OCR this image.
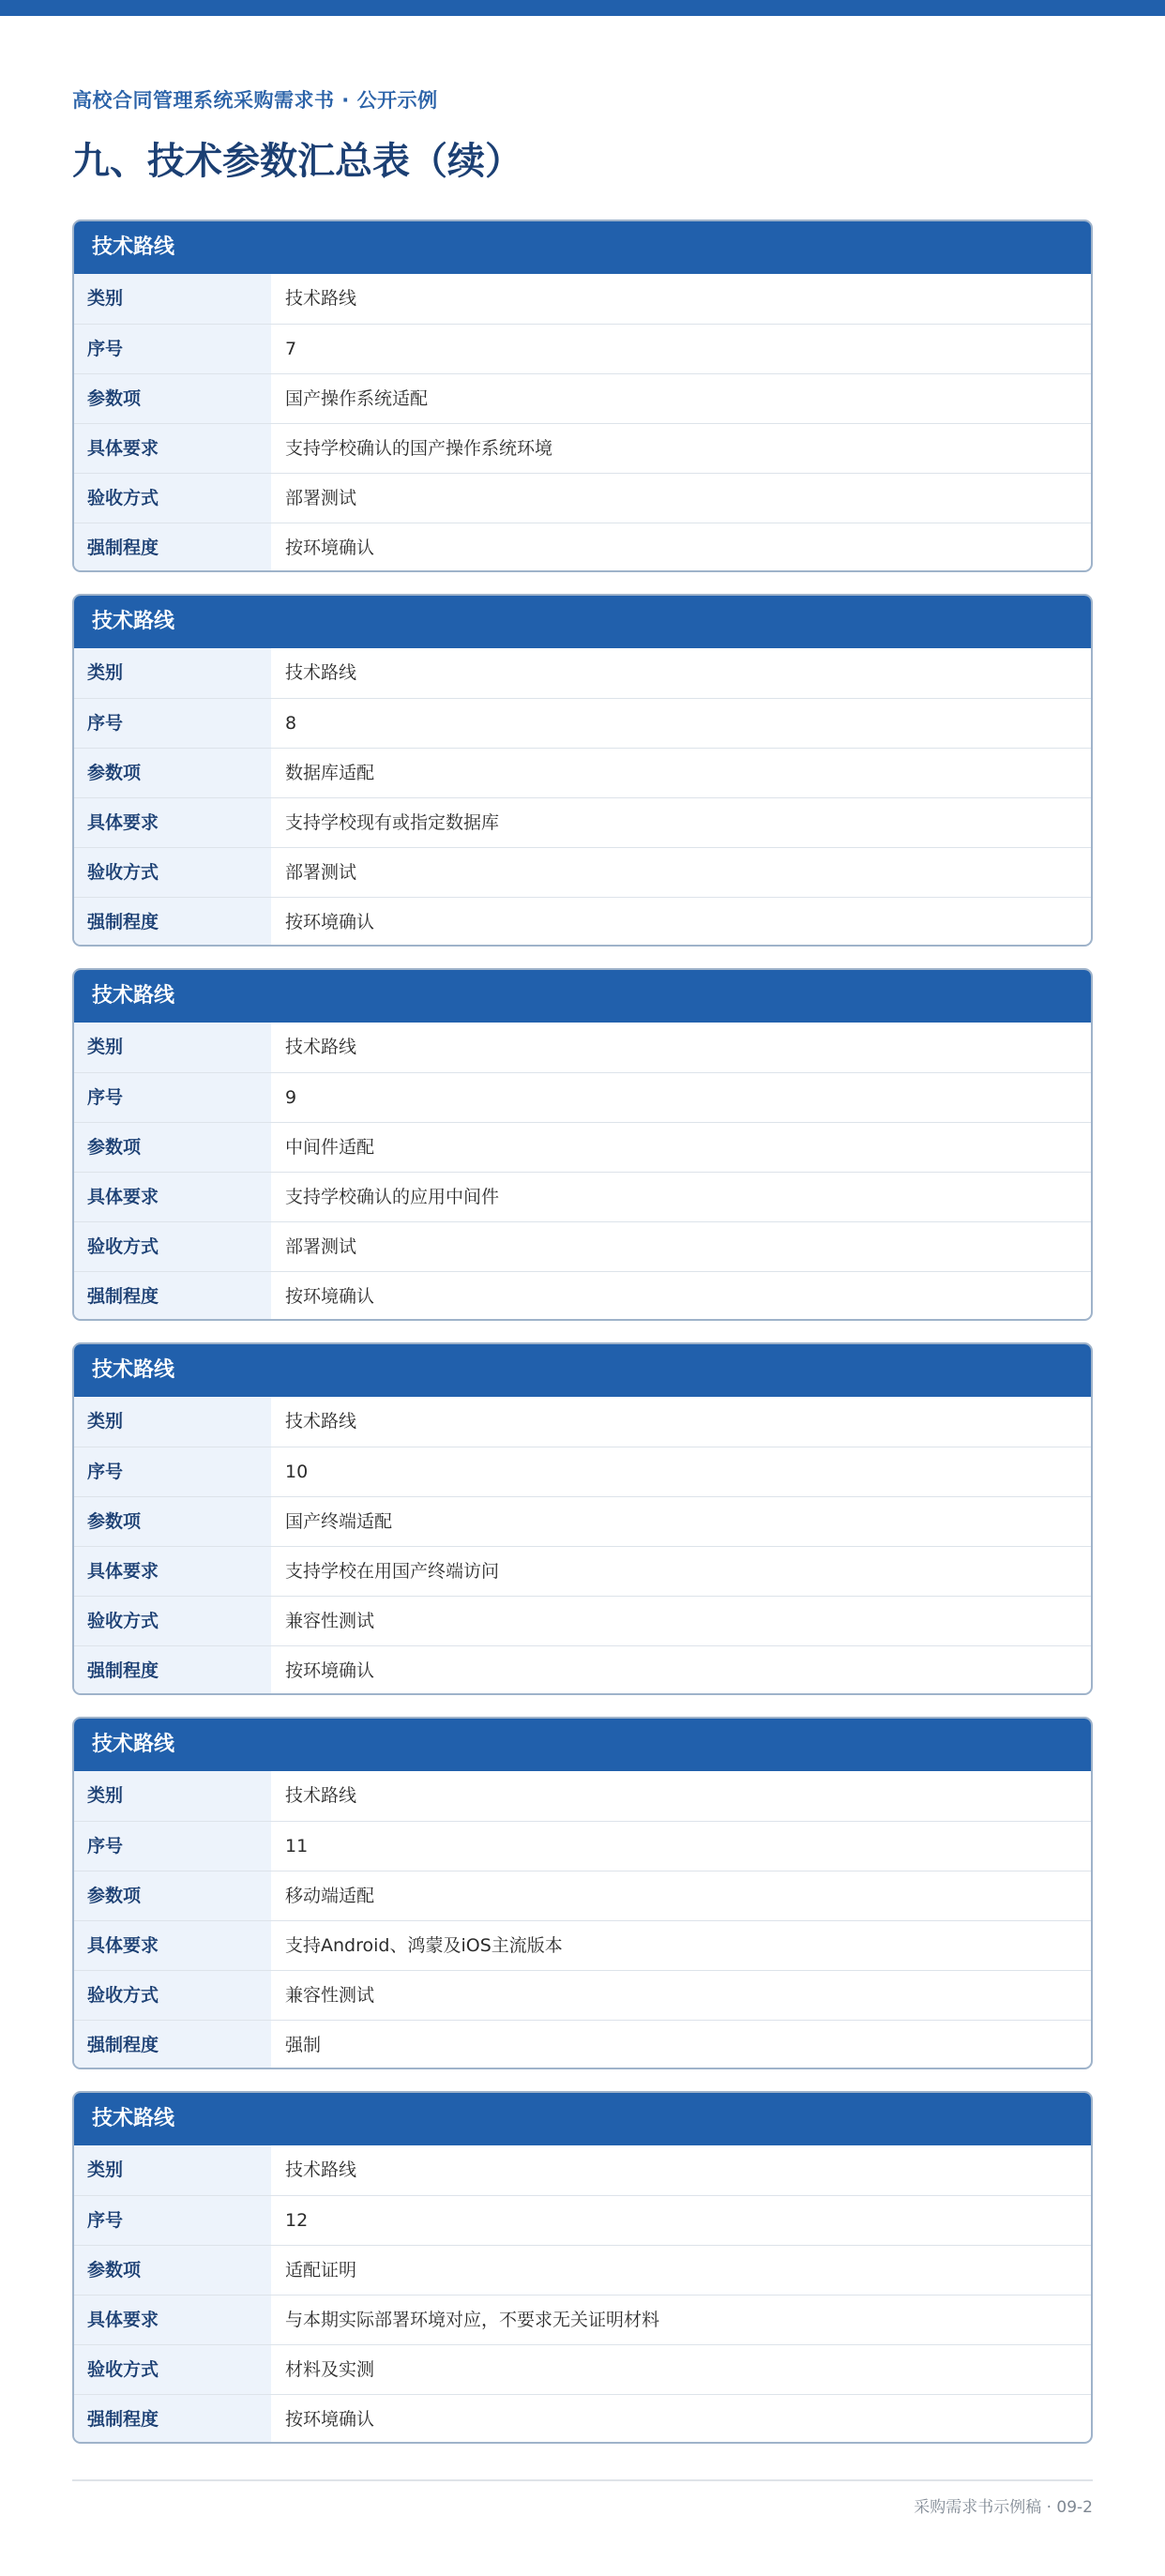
高校合同管理系统采购需求书 · 公开示例
九、技术参数汇总表（续）
技术路线
类别	技术路线
序号	7
参数项	国产操作系统适配
具体要求	支持学校确认的国产操作系统环境
验收方式	部署测试
强制程度	按环境确认
技术路线
类别	技术路线
序号	8
参数项	数据库适配
具体要求	支持学校现有或指定数据库
验收方式	部署测试
强制程度	按环境确认
技术路线
类别	技术路线
序号	9
参数项	中间件适配
具体要求	支持学校确认的应用中间件
验收方式	部署测试
强制程度	按环境确认
技术路线
类别	技术路线
序号	10
参数项	国产终端适配
具体要求	支持学校在用国产终端访问
验收方式	兼容性测试
强制程度	按环境确认
技术路线
类别	技术路线
序号	11
参数项	移动端适配
具体要求	支持Android、鸿蒙及iOS主流版本
验收方式	兼容性测试
强制程度	强制
技术路线
类别	技术路线
序号	12
参数项	适配证明
具体要求	与本期实际部署环境对应，不要求无关证明材料
验收方式	材料及实测
强制程度	按环境确认
采购需求书示例稿 · 09-2
